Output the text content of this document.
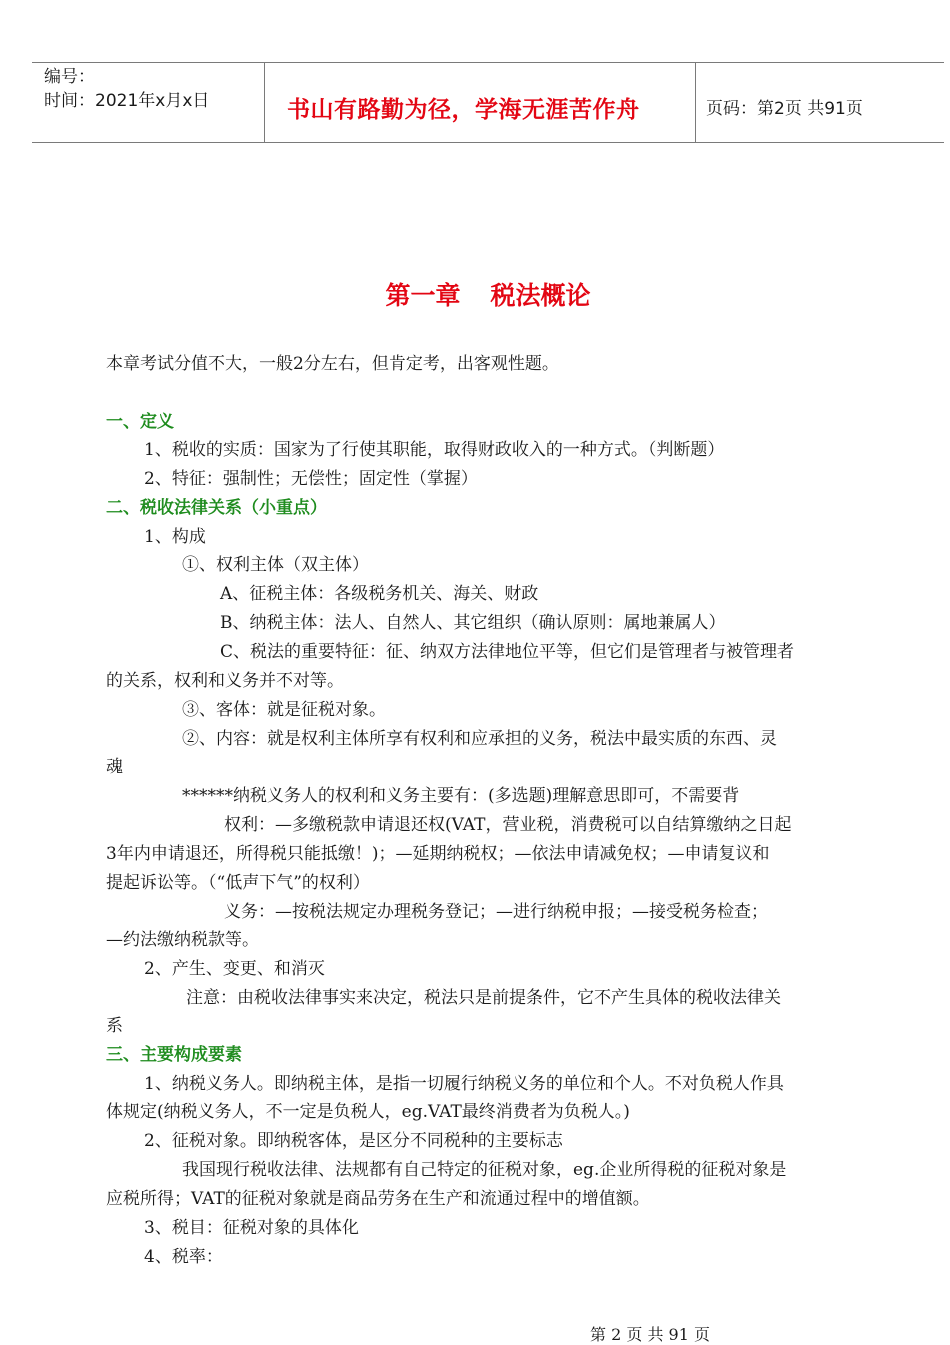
编号：
时间：2021年x月x日	书山有路勤为径，学海无涯苦作舟	页码：第2页 共91页
第一章 税法概论
本章考试分值不大，一般2分左右，但肯定考，出客观性题。
一、定义
1、税收的实质：国家为了行使其职能，取得财政收入的一种方式。（判断题）
2、特征：强制性；无偿性；固定性（掌握）
二、税收法律关系（小重点）
1、构成
①、权利主体（双主体）
A、征税主体：各级税务机关、海关、财政
B、纳税主体：法人、自然人、其它组织（确认原则：属地兼属人）
C、税法的重要特征：征、纳双方法律地位平等，但它们是管理者与被管理者
的关系，权利和义务并不对等。
③、客体：就是征税对象。
②、内容：就是权利主体所享有权利和应承担的义务，税法中最实质的东西、灵
魂
******纳税义务人的权利和义务主要有：(多选题)理解意思即可，不需要背
权利：—多缴税款申请退还权(VAT，营业税，消费税可以自结算缴纳之日起
3年内申请退还，所得税只能抵缴！)；—延期纳税权；—依法申请减免权；—申请复议和
提起诉讼等。（“低声下气”的权利）
义务：—按税法规定办理税务登记；—进行纳税申报；—接受税务检查；
—约法缴纳税款等。
2、产生、变更、和消灭
注意：由税收法律事实来决定，税法只是前提条件，它不产生具体的税收法律关
系
三、主要构成要素
1、纳税义务人。即纳税主体，是指一切履行纳税义务的单位和个人。不对负税人作具
体规定(纳税义务人，不一定是负税人，eg.VAT最终消费者为负税人。)
2、征税对象。即纳税客体，是区分不同税种的主要标志
我国现行税收法律、法规都有自己特定的征税对象，eg.企业所得税的征税对象是
应税所得；VAT的征税对象就是商品劳务在生产和流通过程中的增值额。
3、税目：征税对象的具体化
4、税率：
第 2 页 共 91 页
